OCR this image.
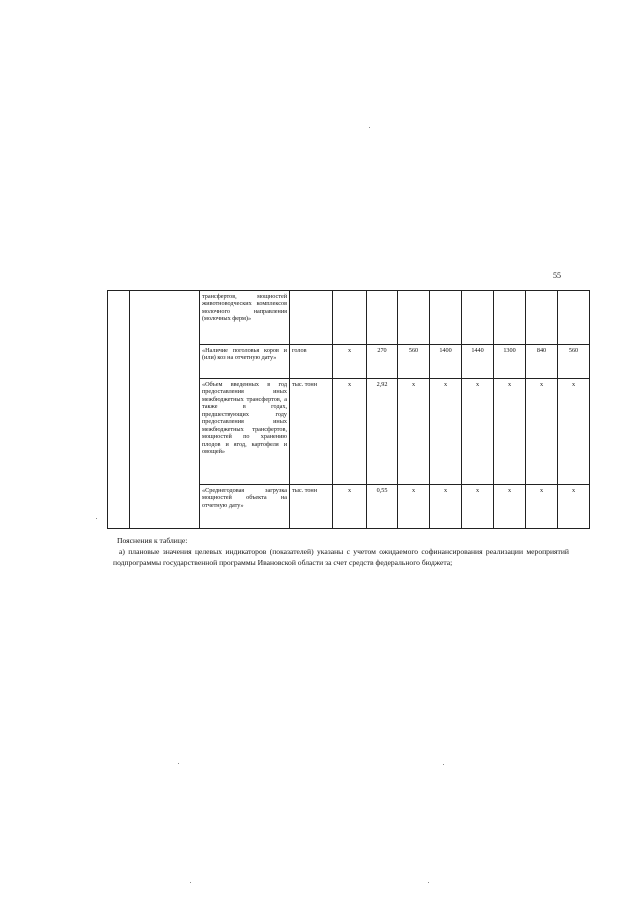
55
		трансфертов, мощностей животноводческих комплексов молочного направления (молочных ферм)»									
		«Наличие поголовья коров и (или) коз на отчетную дату»	голов	х	270	560	1400	1440	1300	840	560
		«Объем введенных в год предоставления иных межбюджетных трансфертов, а также в годах, предшествующих году предоставления иных межбюджетных трансфертов, мощностей по хранению плодов и ягод, картофеля и овощей»	тыс. тонн	х	2,92	х	х	х	х	х	х
		«Среднегодовая загрузка мощностей объекта на отчетную дату»	тыс. тонн	х	0,55	х	х	х	х	х	х

Пояснения к таблице:

а) плановые значения целевых индикаторов (показателей) указаны с учетом ожидаемого софинансирования реализации мероприятий подпрограммы государственной программы Ивановской области за счет средств федерального бюджета;
